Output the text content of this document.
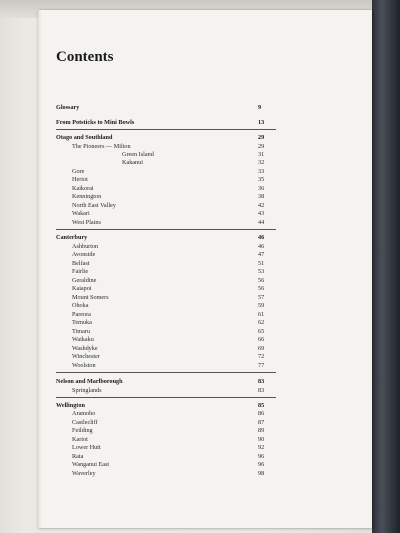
Contents
Glossary	9
From Potsticks to Mini Bowls	13
Otago and Southland	29
The Pioneers — Milton	29
Green Island	31
Kakanui	32
Gore	33
Heriot	35
Kaikorai	36
Kennington	38
North East Valley	42
Wakari	43
West Plains	44
Canterbury	46
Ashburton	46
Avonside	47
Belfast	51
Fairlie	53
Geraldine	56
Kaiapoi	56
Mount Somers	57
Ohoka	59
Pareora	61
Temuka	62
Timaru	65
Waikaku	66
Washdyke	69
Winchester	72
Woolston	77
Nelson and Marlborough	83
Springlands	83
Wellington	85
Aramoho	86
Castlecliff	87
Feilding	89
Kariot	90
Lower Hutt	92
Rata	96
Wanganui East	96
Waverley	98
